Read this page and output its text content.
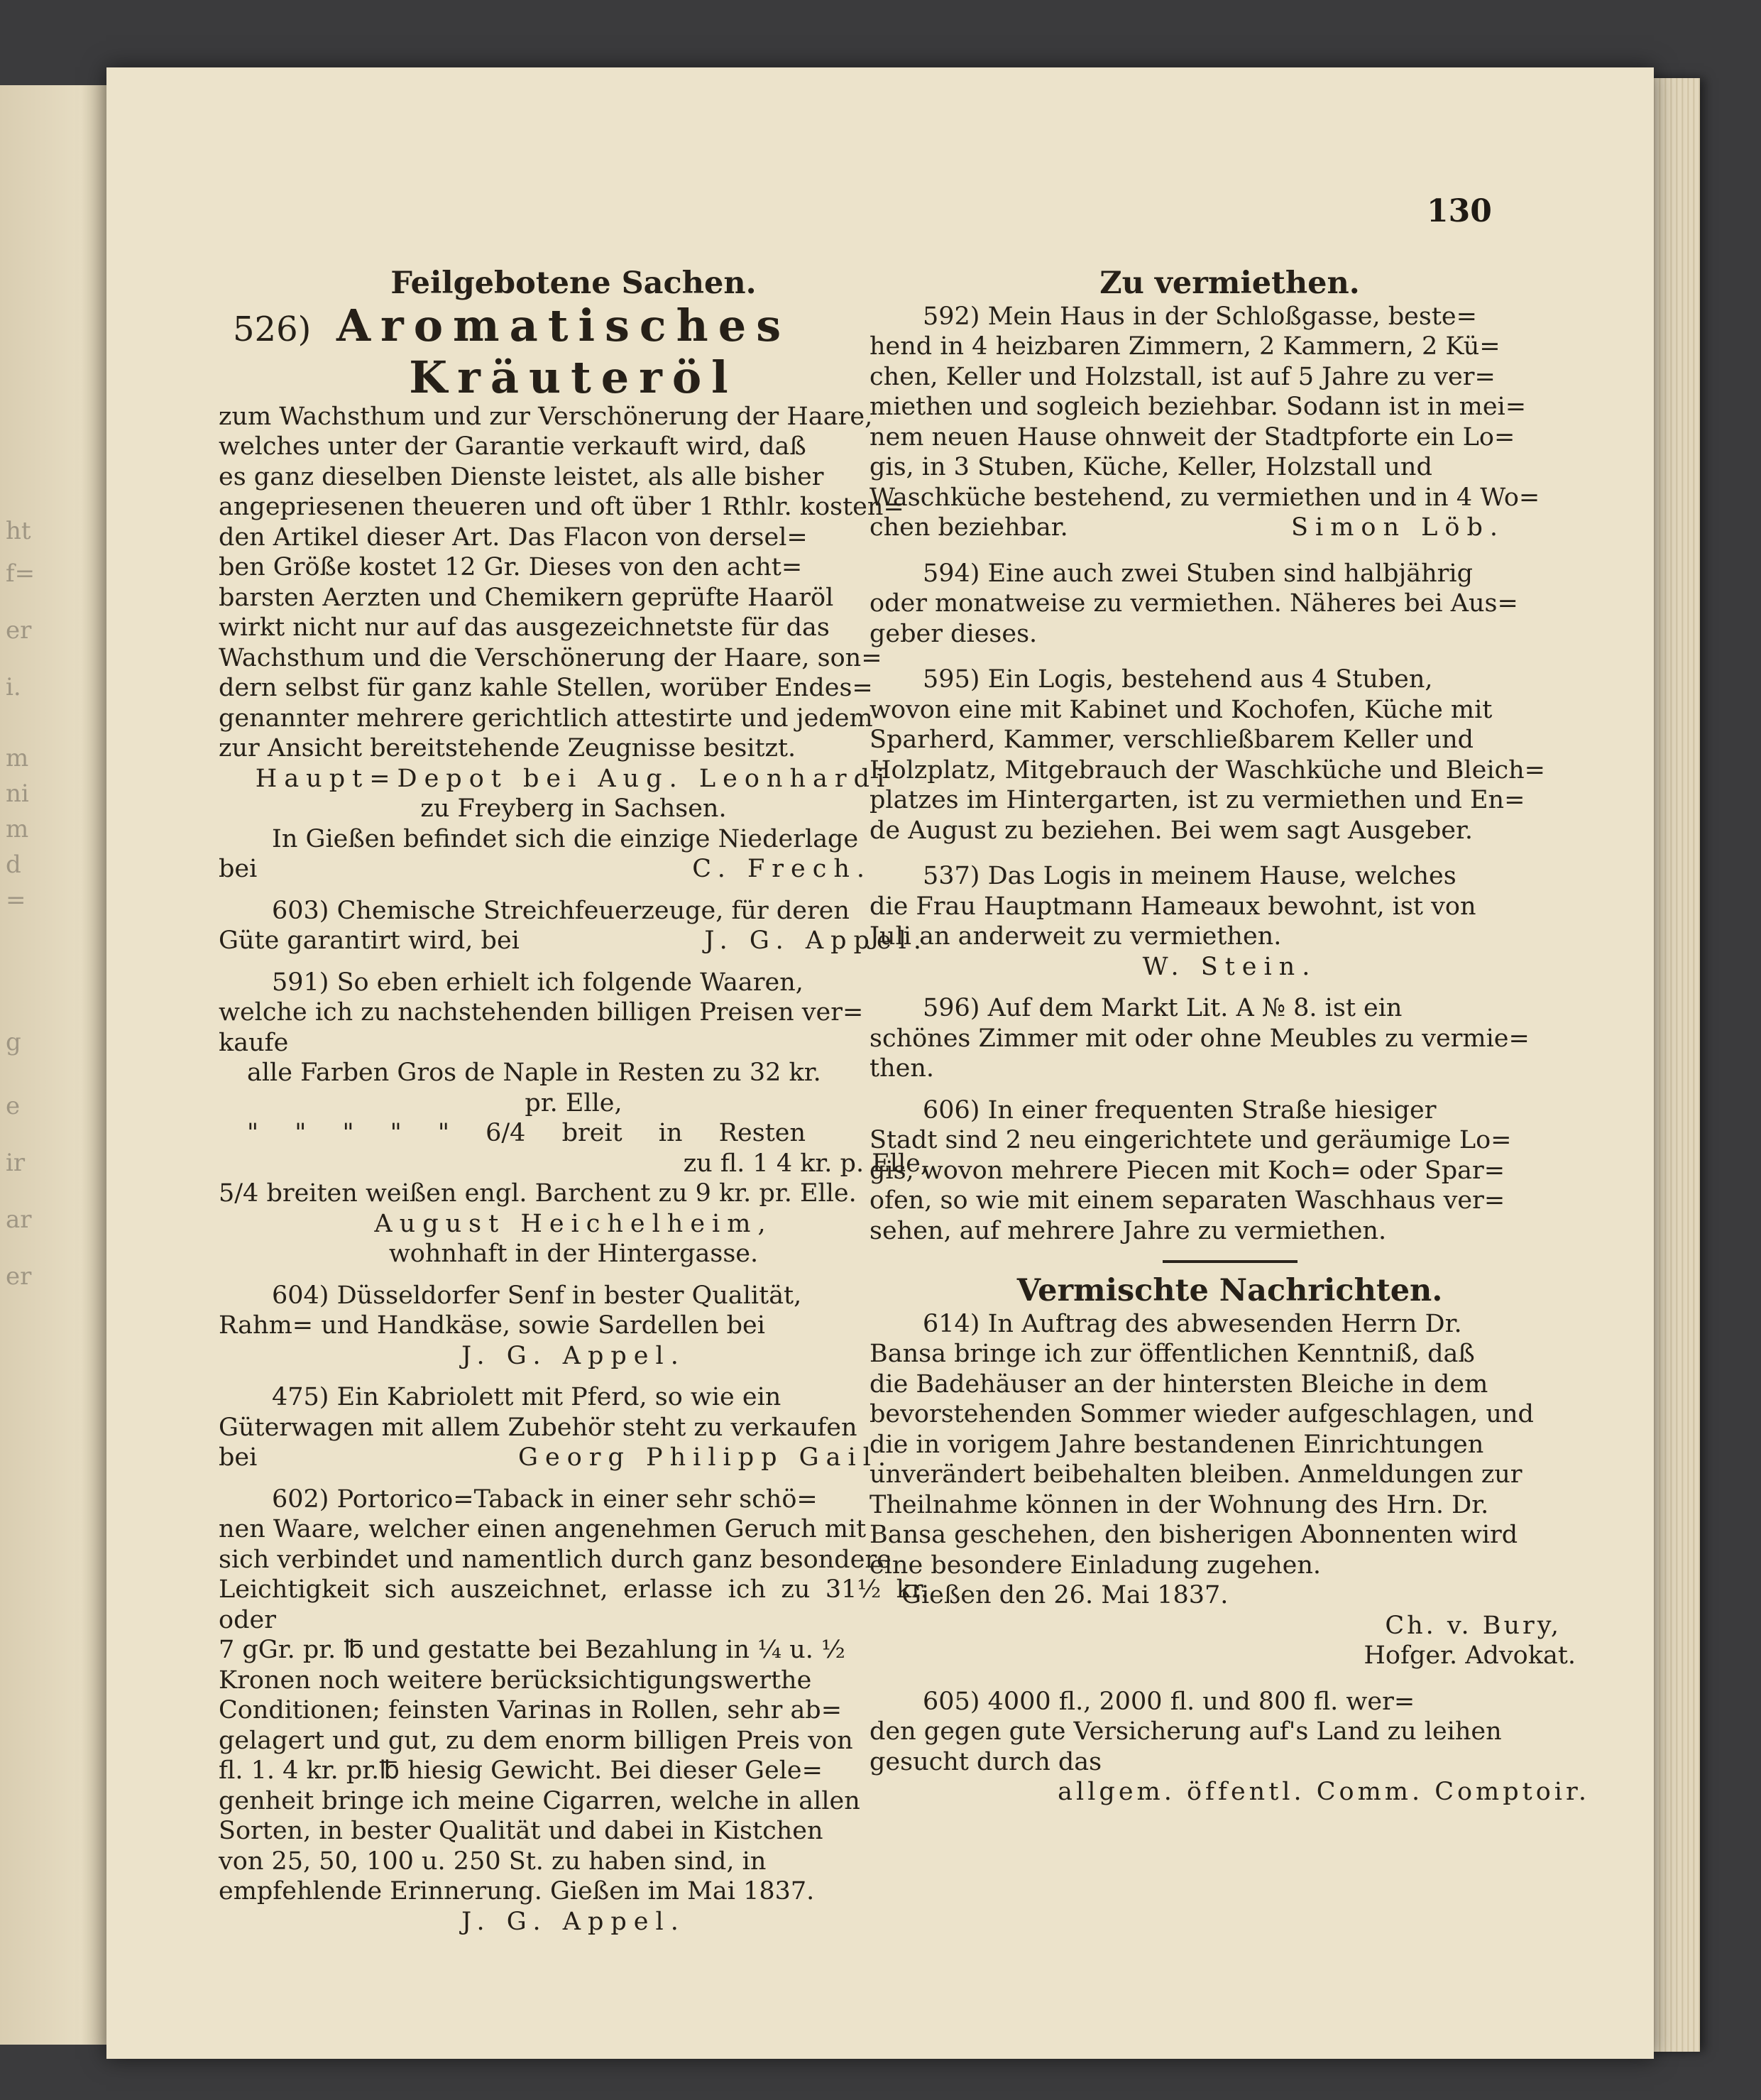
ht
f=
er
i.
m
ni
m
d
=
g
e
ir
ar
er
130

Feilgebotene Sachen.

526) Aromatisches

Kräuteröl

zum Wachsthum und zur Verschönerung der Haare,

welches unter der Garantie verkauft wird, daß

es ganz dieselben Dienste leistet, als alle bisher

angepriesenen theueren und oft über 1 Rthlr. kosten=

den Artikel dieser Art. Das Flacon von dersel=

ben Größe kostet 12 Gr. Dieses von den acht=

barsten Aerzten und Chemikern geprüfte Haaröl

wirkt nicht nur auf das ausgezeichnetste für das

Wachsthum und die Verschönerung der Haare, son=

dern selbst für ganz kahle Stellen, worüber Endes=

genannter mehrere gerichtlich attestirte und jedem

zur Ansicht bereitstehende Zeugnisse besitzt.

Haupt=Depot bei Aug. Leonhardi

zu Freyberg in Sachsen.

In Gießen befindet sich die einzige Niederlage

bei	C. Frech.

603) Chemische Streichfeuerzeuge, für deren

Güte garantirt wird, bei	J. G. Appel.

591) So eben erhielt ich folgende Waaren,

welche ich zu nachstehenden billigen Preisen ver=

kaufe

alle Farben Gros de Naple in Resten zu 32 kr.

pr. Elle,

" " " " " 6/4 breit in Resten

zu fl. 1 4 kr. p. Elle,

5/4 breiten weißen engl. Barchent zu 9 kr. pr. Elle.

August Heichelheim,

wohnhaft in der Hintergasse.

604) Düsseldorfer Senf in bester Qualität,

Rahm= und Handkäse, sowie Sardellen bei

J. G. Appel.

475) Ein Kabriolett mit Pferd, so wie ein

Güterwagen mit allem Zubehör steht zu verkaufen

bei	Georg Philipp Gail.

602) Portorico=Taback in einer sehr schö=

nen Waare, welcher einen angenehmen Geruch mit

sich verbindet und namentlich durch ganz besondere

Leichtigkeit sich auszeichnet, erlasse ich zu 31½ kr. oder

7 gGr. pr. ℔ und gestatte bei Bezahlung in ¼ u. ½

Kronen noch weitere berücksichtigungswerthe

Conditionen; feinsten Varinas in Rollen, sehr ab=

gelagert und gut, zu dem enorm billigen Preis von

fl. 1. 4 kr. pr.℔ hiesig Gewicht. Bei dieser Gele=

genheit bringe ich meine Cigarren, welche in allen

Sorten, in bester Qualität und dabei in Kistchen

von 25, 50, 100 u. 250 St. zu haben sind, in

empfehlende Erinnerung. Gießen im Mai 1837.

J. G. Appel.

Zu vermiethen.

592) Mein Haus in der Schloßgasse, beste=

hend in 4 heizbaren Zimmern, 2 Kammern, 2 Kü=

chen, Keller und Holzstall, ist auf 5 Jahre zu ver=

miethen und sogleich beziehbar. Sodann ist in mei=

nem neuen Hause ohnweit der Stadtpforte ein Lo=

gis, in 3 Stuben, Küche, Keller, Holzstall und

Waschküche bestehend, zu vermiethen und in 4 Wo=

chen beziehbar.	Simon Löb.

594) Eine auch zwei Stuben sind halbjährig

oder monatweise zu vermiethen. Näheres bei Aus=

geber dieses.

595) Ein Logis, bestehend aus 4 Stuben,

wovon eine mit Kabinet und Kochofen, Küche mit

Sparherd, Kammer, verschließbarem Keller und

Holzplatz, Mitgebrauch der Waschküche und Bleich=

platzes im Hintergarten, ist zu vermiethen und En=

de August zu beziehen. Bei wem sagt Ausgeber.

537) Das Logis in meinem Hause, welches

die Frau Hauptmann Hameaux bewohnt, ist von

Juli an anderweit zu vermiethen.

W. Stein.

596) Auf dem Markt Lit. A № 8. ist ein

schönes Zimmer mit oder ohne Meubles zu vermie=

then.

606) In einer frequenten Straße hiesiger

Stadt sind 2 neu eingerichtete und geräumige Lo=

gis, wovon mehrere Piecen mit Koch= oder Spar=

ofen, so wie mit einem separaten Waschhaus ver=

sehen, auf mehrere Jahre zu vermiethen.

Vermischte Nachrichten.

614) In Auftrag des abwesenden Herrn Dr.

Bansa bringe ich zur öffentlichen Kenntniß, daß

die Badehäuser an der hintersten Bleiche in dem

bevorstehenden Sommer wieder aufgeschlagen, und

die in vorigem Jahre bestandenen Einrichtungen

unverändert beibehalten bleiben. Anmeldungen zur

Theilnahme können in der Wohnung des Hrn. Dr.

Bansa geschehen, den bisherigen Abonnenten wird

eine besondere Einladung zugehen.

Gießen den 26. Mai 1837.

Ch. v. Bury,

Hofger. Advokat.

605) 4000 fl., 2000 fl. und 800 fl. wer=

den gegen gute Versicherung auf's Land zu leihen

gesucht durch das

allgem. öffentl. Comm. Comptoir.
